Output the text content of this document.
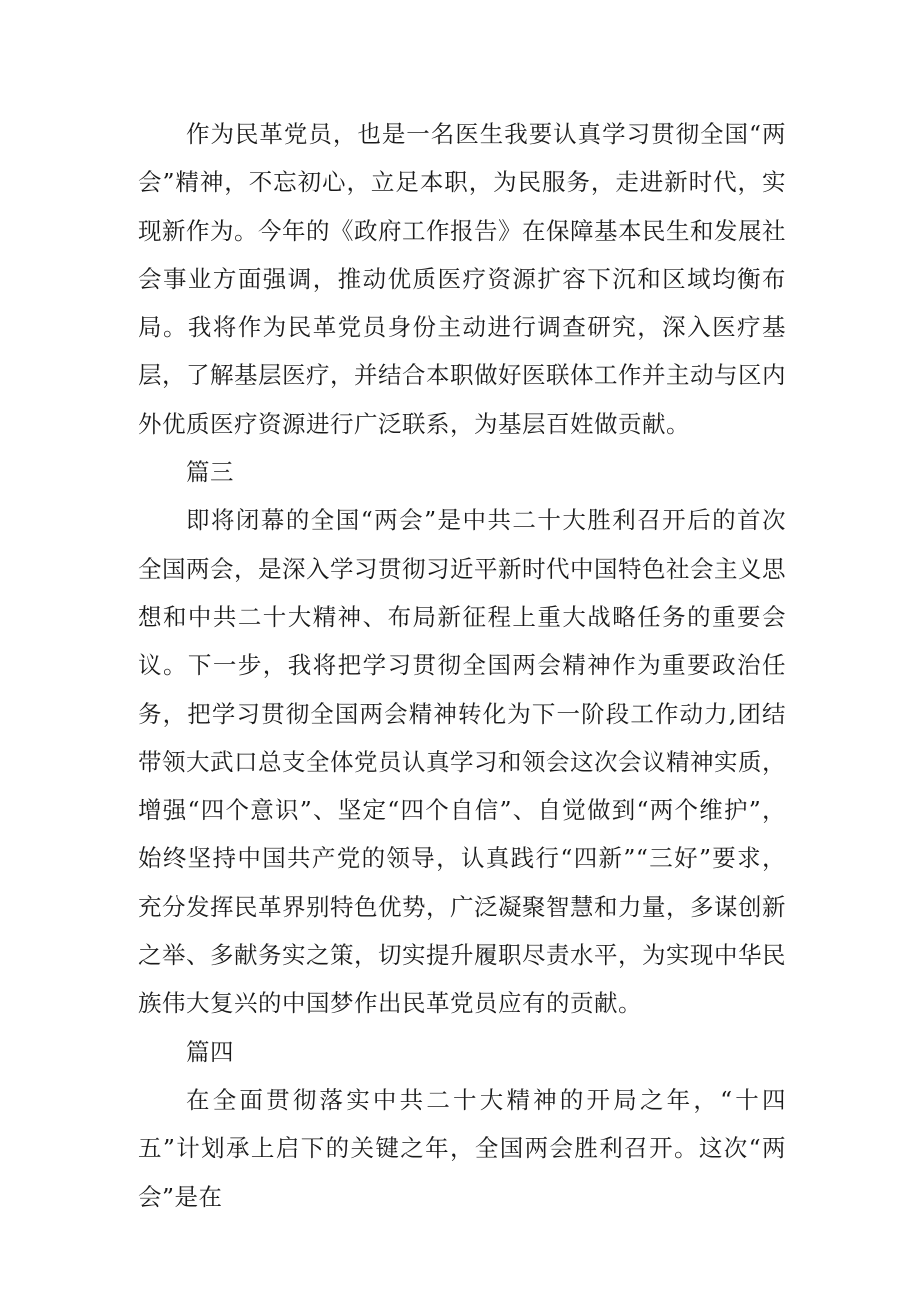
作为民革党员，也是一名医生我要认真学习贯彻全国“两会”精神，不忘初心，立足本职，为民服务，走进新时代，实现新作为。今年的《政府工作报告》在保障基本民生和发展社会事业方面强调，推动优质医疗资源扩容下沉和区域均衡布局。我将作为民革党员身份主动进行调查研究，深入医疗基层，了解基层医疗，并结合本职做好医联体工作并主动与区内外优质医疗资源进行广泛联系，为基层百姓做贡献。

篇三

即将闭幕的全国“两会”是中共二十大胜利召开后的首次全国两会，是深入学习贯彻习近平新时代中国特色社会主义思想和中共二十大精神、布局新征程上重大战略任务的重要会议。下一步，我将把学习贯彻全国两会精神作为重要政治任务，把学习贯彻全国两会精神转化为下一阶段工作动力,团结带领大武口总支全体党员认真学习和领会这次会议精神实质，增强“四个意识”、坚定“四个自信”、自觉做到“两个维护”，始终坚持中国共产党的领导，认真践行“四新”“三好”要求，充分发挥民革界别特色优势，广泛凝聚智慧和力量，多谋创新之举、多献务实之策，切实提升履职尽责水平，为实现中华民族伟大复兴的中国梦作出民革党员应有的贡献。

篇四

在全面贯彻落实中共二十大精神的开局之年，“十四五”计划承上启下的关键之年，全国两会胜利召开。这次“两会”是在
